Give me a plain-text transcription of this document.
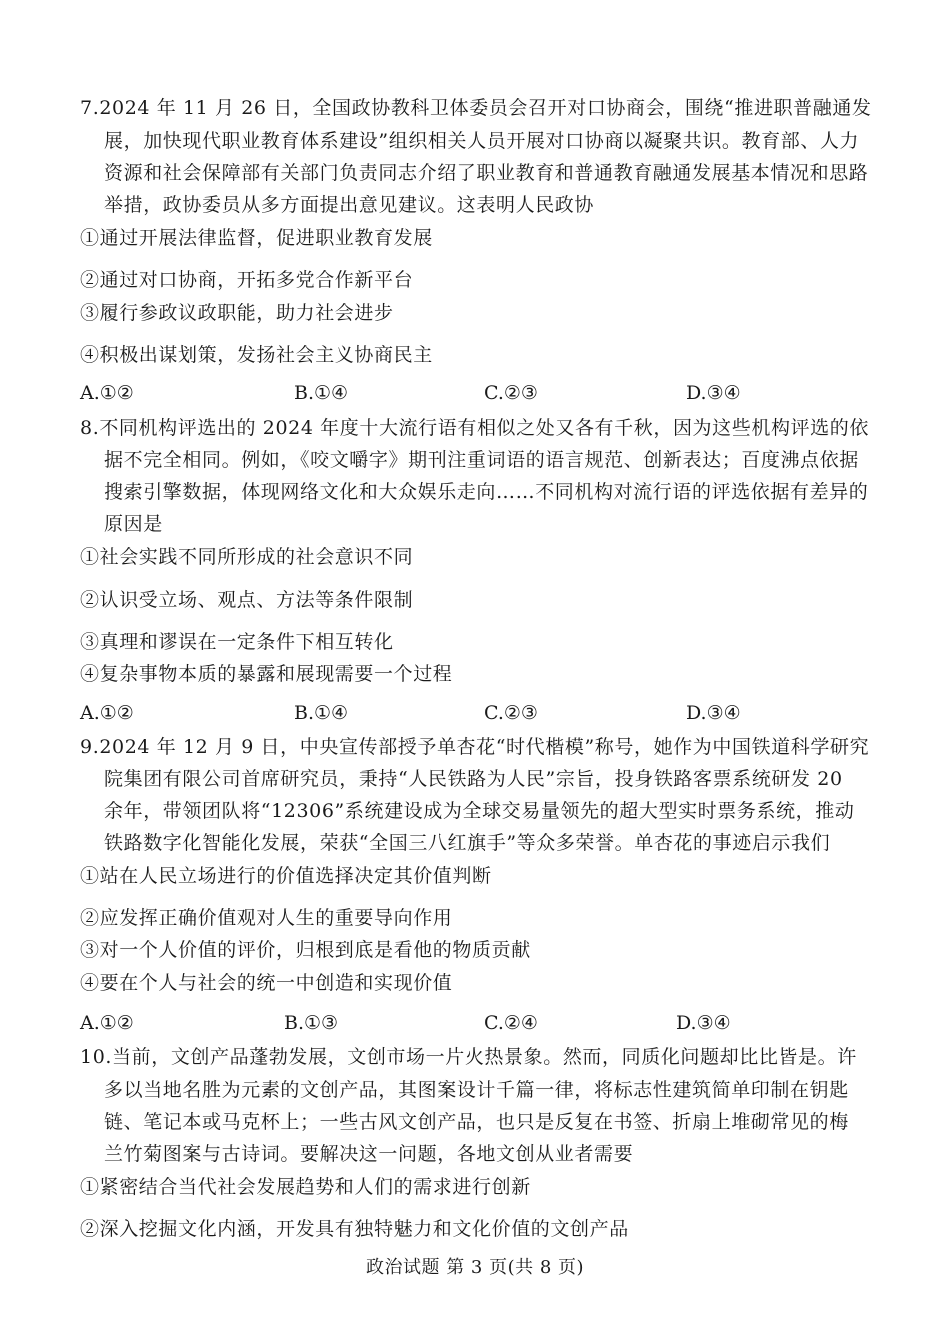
7.2024 年 11 月 26 日，全国政协教科卫体委员会召开对口协商会，围绕“推进职普融通发
展，加快现代职业教育体系建设”组织相关人员开展对口协商以凝聚共识。教育部、人力
资源和社会保障部有关部门负责同志介绍了职业教育和普通教育融通发展基本情况和思路
举措，政协委员从多方面提出意见建议。这表明人民政协
①通过开展法律监督，促进职业教育发展
②通过对口协商，开拓多党合作新平台
③履行参政议政职能，助力社会进步
④积极出谋划策，发扬社会主义协商民主
A.①②	B.①④	C.②③	D.③④
8.不同机构评选出的 2024 年度十大流行语有相似之处又各有千秋，因为这些机构评选的依
据不完全相同。例如，《咬文嚼字》期刊注重词语的语言规范、创新表达；百度沸点依据
搜索引擎数据，体现网络文化和大众娱乐走向……不同机构对流行语的评选依据有差异的
原因是
①社会实践不同所形成的社会意识不同
②认识受立场、观点、方法等条件限制
③真理和谬误在一定条件下相互转化
④复杂事物本质的暴露和展现需要一个过程
A.①②	B.①④	C.②③	D.③④
9.2024 年 12 月 9 日，中央宣传部授予单杏花“时代楷模”称号，她作为中国铁道科学研究
院集团有限公司首席研究员，秉持“人民铁路为人民”宗旨，投身铁路客票系统研发 20
余年，带领团队将“12306”系统建设成为全球交易量领先的超大型实时票务系统，推动
铁路数字化智能化发展，荣获“全国三八红旗手”等众多荣誉。单杏花的事迹启示我们
①站在人民立场进行的价值选择决定其价值判断
②应发挥正确价值观对人生的重要导向作用
③对一个人价值的评价，归根到底是看他的物质贡献
④要在个人与社会的统一中创造和实现价值
A.①②	B.①③	C.②④	D.③④
10.当前，文创产品蓬勃发展，文创市场一片火热景象。然而，同质化问题却比比皆是。许
多以当地名胜为元素的文创产品，其图案设计千篇一律，将标志性建筑简单印制在钥匙
链、笔记本或马克杯上；一些古风文创产品，也只是反复在书签、折扇上堆砌常见的梅
兰竹菊图案与古诗词。要解决这一问题，各地文创从业者需要
①紧密结合当代社会发展趋势和人们的需求进行创新
②深入挖掘文化内涵，开发具有独特魅力和文化价值的文创产品
政治试题 第 3 页(共 8 页)
